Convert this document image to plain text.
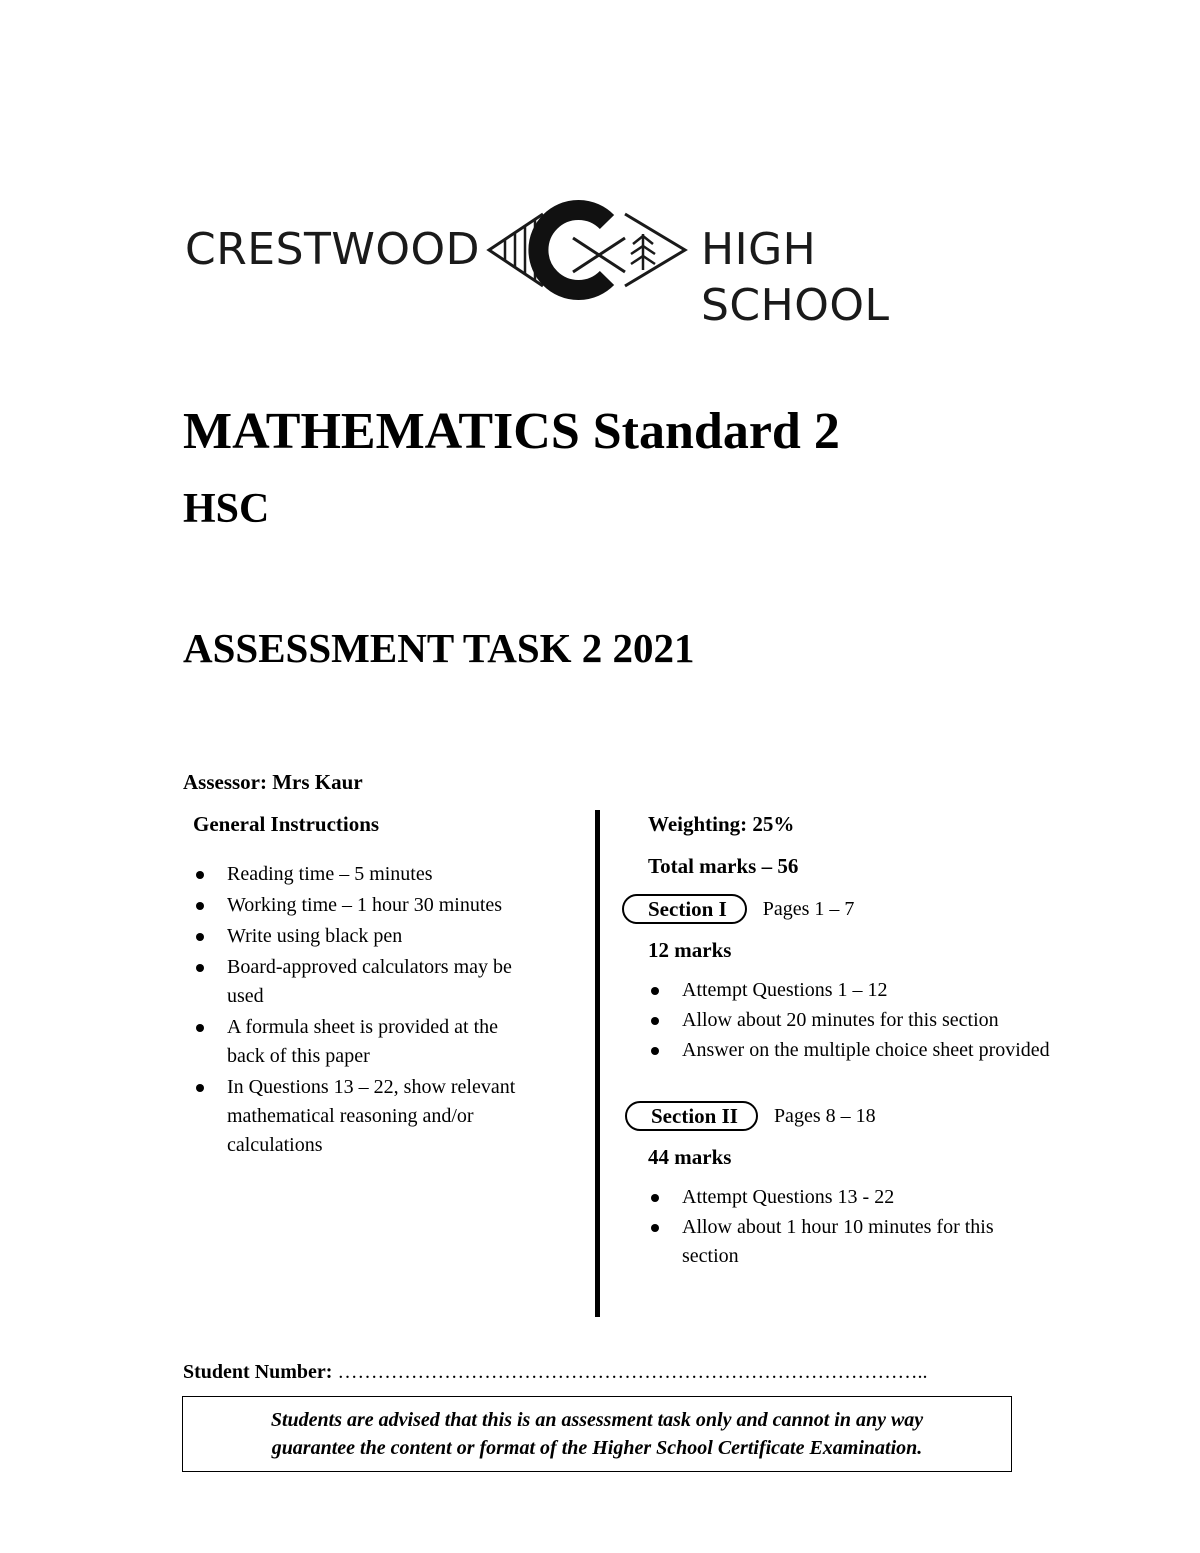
CRESTWOOD	HIGH SCHOOL
MATHEMATICS Standard 2
HSC
ASSESSMENT TASK 2 2021
Assessor: Mrs Kaur
General Instructions
Reading time – 5 minutes
Working time – 1 hour 30 minutes
Write using black pen
Board-approved calculators may be used
A formula sheet is provided at the back of this paper
In Questions 13 – 22, show relevant mathematical reasoning and/or calculations
Weighting: 25%
Total marks – 56
Section I	Pages 1 – 7
12 marks
Attempt Questions 1 – 12
Allow about 20 minutes for this section
Answer on the multiple choice sheet provided
Section II	Pages 8 – 18
44 marks
Attempt Questions 13 - 22
Allow about 1 hour 10 minutes for this section
Student Number: ……………………………………………………………………………..

Students are advised that this is an assessment task only and cannot in any way guarantee the content or format of the Higher School Certificate Examination.
